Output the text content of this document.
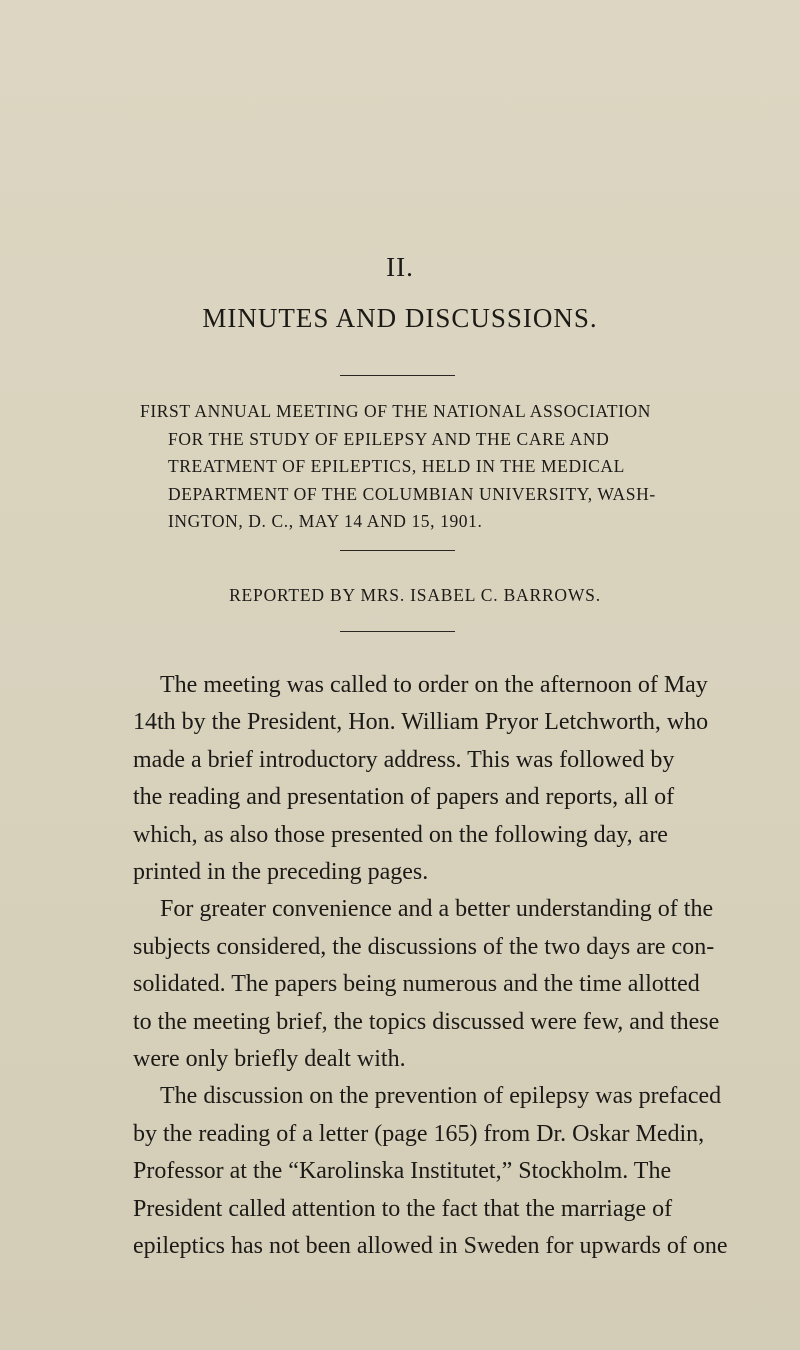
II.
MINUTES AND DISCUSSIONS.
FIRST ANNUAL MEETING OF THE NATIONAL ASSOCIATION
FOR THE STUDY OF EPILEPSY AND THE CARE AND
TREATMENT OF EPILEPTICS, HELD IN THE MEDICAL
DEPARTMENT OF THE COLUMBIAN UNIVERSITY, WASH-
INGTON, D. C., MAY 14 AND 15, 1901.
REPORTED BY MRS. ISABEL C. BARROWS.
The meeting was called to order on the afternoon of May
14th by the President, Hon. William Pryor Letchworth, who
made a brief introductory address. This was followed by
the reading and presentation of papers and reports, all of
which, as also those presented on the following day, are
printed in the preceding pages.
For greater convenience and a better understanding of the
subjects considered, the discussions of the two days are con-
solidated. The papers being numerous and the time allotted
to the meeting brief, the topics discussed were few, and these
were only briefly dealt with.
The discussion on the prevention of epilepsy was prefaced
by the reading of a letter (page 165) from Dr. Oskar Medin,
Professor at the “Karolinska Institutet,” Stockholm. The
President called attention to the fact that the marriage of
epileptics has not been allowed in Sweden for upwards of one
